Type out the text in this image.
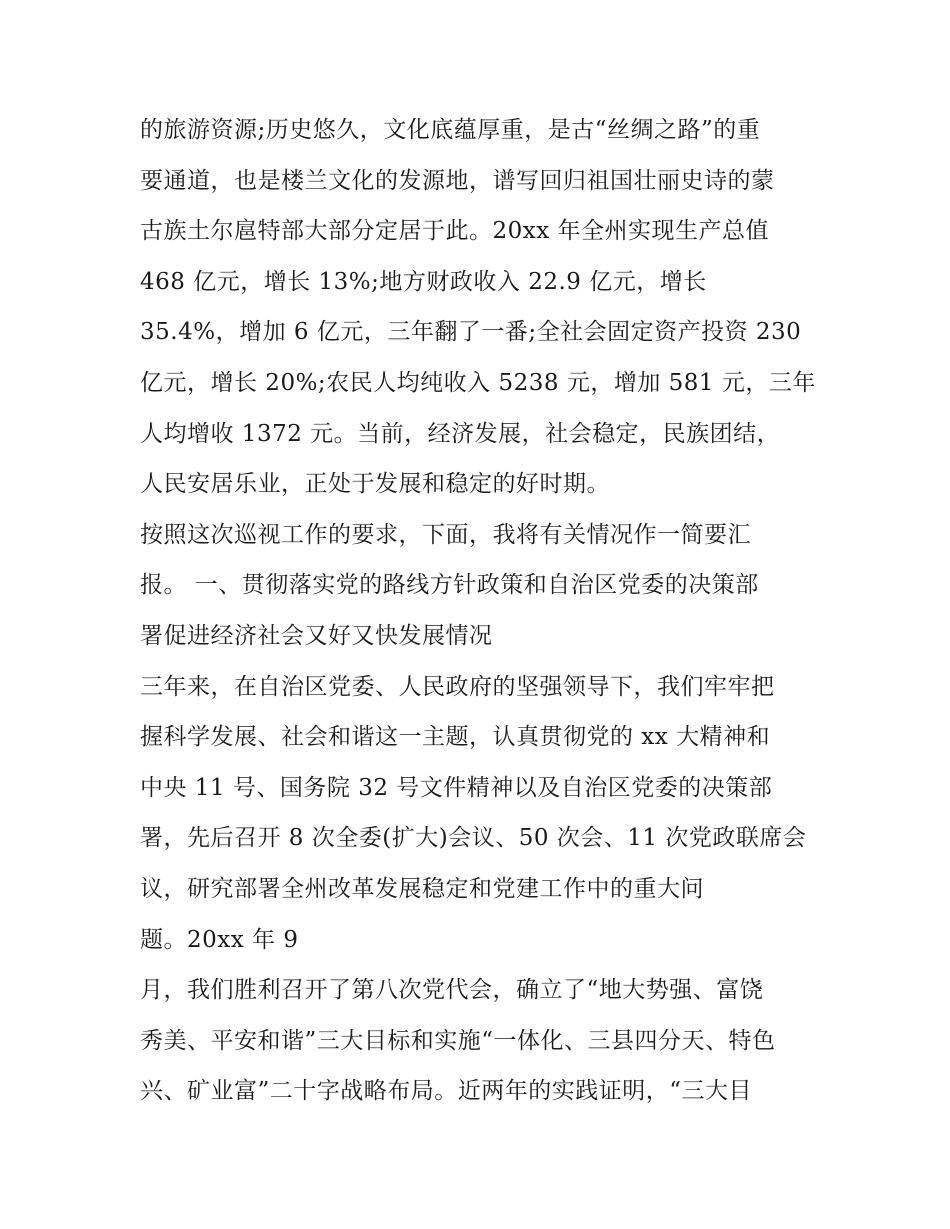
的旅游资源;历史悠久，文化底蕴厚重，是古“丝绸之路”的重
要通道，也是楼兰文化的发源地，谱写回归祖国壮丽史诗的蒙
古族土尔扈特部大部分定居于此。20xx 年全州实现生产总值
468 亿元，增长 13%;地方财政收入 22.9 亿元，增长
35.4%，增加 6 亿元，三年翻了一番;全社会固定资产投资 230
亿元，增长 20%;农民人均纯收入 5238 元，增加 581 元，三年
人均增收 1372 元。当前，经济发展，社会稳定，民族团结，
人民安居乐业，正处于发展和稳定的好时期。
按照这次巡视工作的要求，下面，我将有关情况作一简要汇
报。 一、贯彻落实党的路线方针政策和自治区党委的决策部
署促进经济社会又好又快发展情况
三年来，在自治区党委、人民政府的坚强领导下，我们牢牢把
握科学发展、社会和谐这一主题，认真贯彻党的 xx 大精神和
中央 11 号、国务院 32 号文件精神以及自治区党委的决策部
署，先后召开 8 次全委(扩大)会议、50 次会、11 次党政联席会
议，研究部署全州改革发展稳定和党建工作中的重大问
题。20xx 年 9
月，我们胜利召开了第八次党代会，确立了“地大势强、富饶
秀美、平安和谐”三大目标和实施“一体化、三县四分天、特色
兴、矿业富”二十字战略布局。近两年的实践证明，“三大目
